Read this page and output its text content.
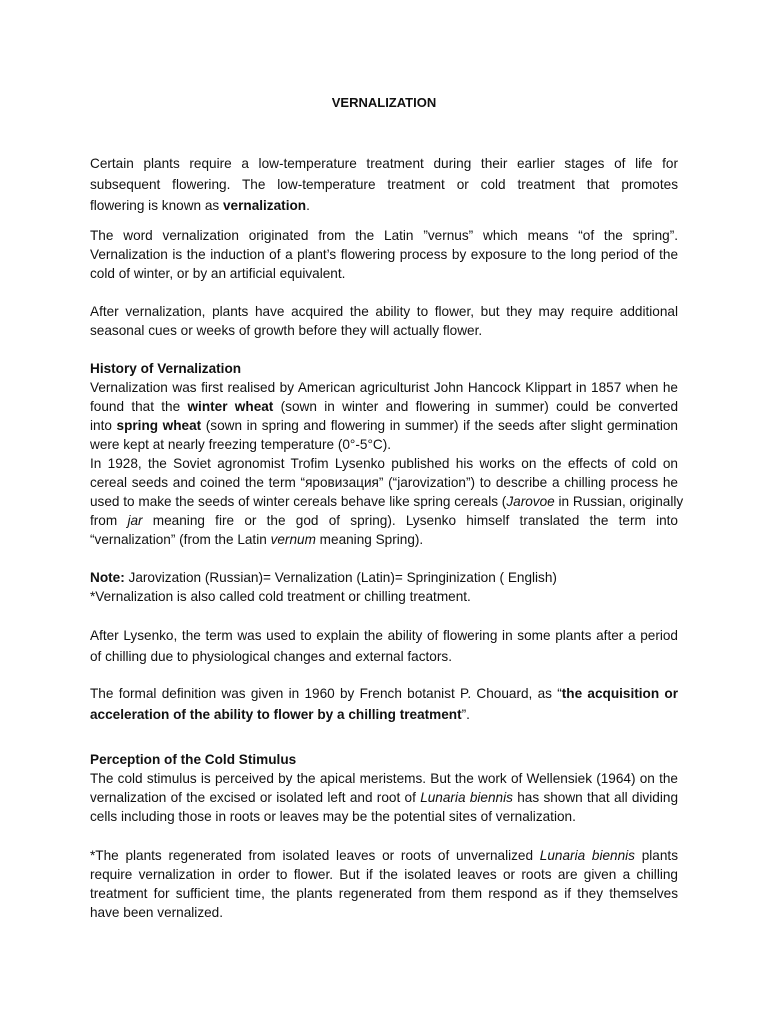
VERNALIZATION
Certain plants require a low-temperature treatment during their earlier stages of life for
subsequent flowering. The low-temperature treatment or cold treatment that promotes
flowering is known as vernalization.
The word vernalization originated from the Latin ”vernus” which means “of the spring”.
Vernalization is the induction of a plant’s flowering process by exposure to the long period of the
cold of winter, or by an artificial equivalent.
After vernalization, plants have acquired the ability to flower, but they may require additional
seasonal cues or weeks of growth before they will actually flower.
History of Vernalization
Vernalization was first realised by American agriculturist John Hancock Klippart in 1857 when he
found that the winter wheat (sown in winter and flowering in summer) could be converted
into spring wheat (sown in spring and flowering in summer) if the seeds after slight germination
were kept at nearly freezing temperature (0°-5°C).
In 1928, the Soviet agronomist Trofim Lysenko published his works on the effects of cold on
cereal seeds and coined the term “яровизация” (“jarovization”) to describe a chilling process he
used to make the seeds of winter cereals behave like spring cereals (Jarovoe in Russian, originally
from jar meaning fire or the god of spring). Lysenko himself translated the term into
“vernalization” (from the Latin vernum meaning Spring).
Note: Jarovization (Russian)= Vernalization (Latin)= Springinization ( English)
*Vernalization is also called cold treatment or chilling treatment.
After Lysenko, the term was used to explain the ability of flowering in some plants after a period
of chilling due to physiological changes and external factors.
The formal definition was given in 1960 by French botanist P. Chouard, as “the acquisition or
acceleration of the ability to flower by a chilling treatment”.
Perception of the Cold Stimulus
The cold stimulus is perceived by the apical meristems. But the work of Wellensiek (1964) on the
vernalization of the excised or isolated left and root of Lunaria biennis has shown that all dividing
cells including those in roots or leaves may be the potential sites of vernalization.
*The plants regenerated from isolated leaves or roots of unvernalized Lunaria biennis plants
require vernalization in order to flower. But if the isolated leaves or roots are given a chilling
treatment for sufficient time, the plants regenerated from them respond as if they themselves
have been vernalized.
